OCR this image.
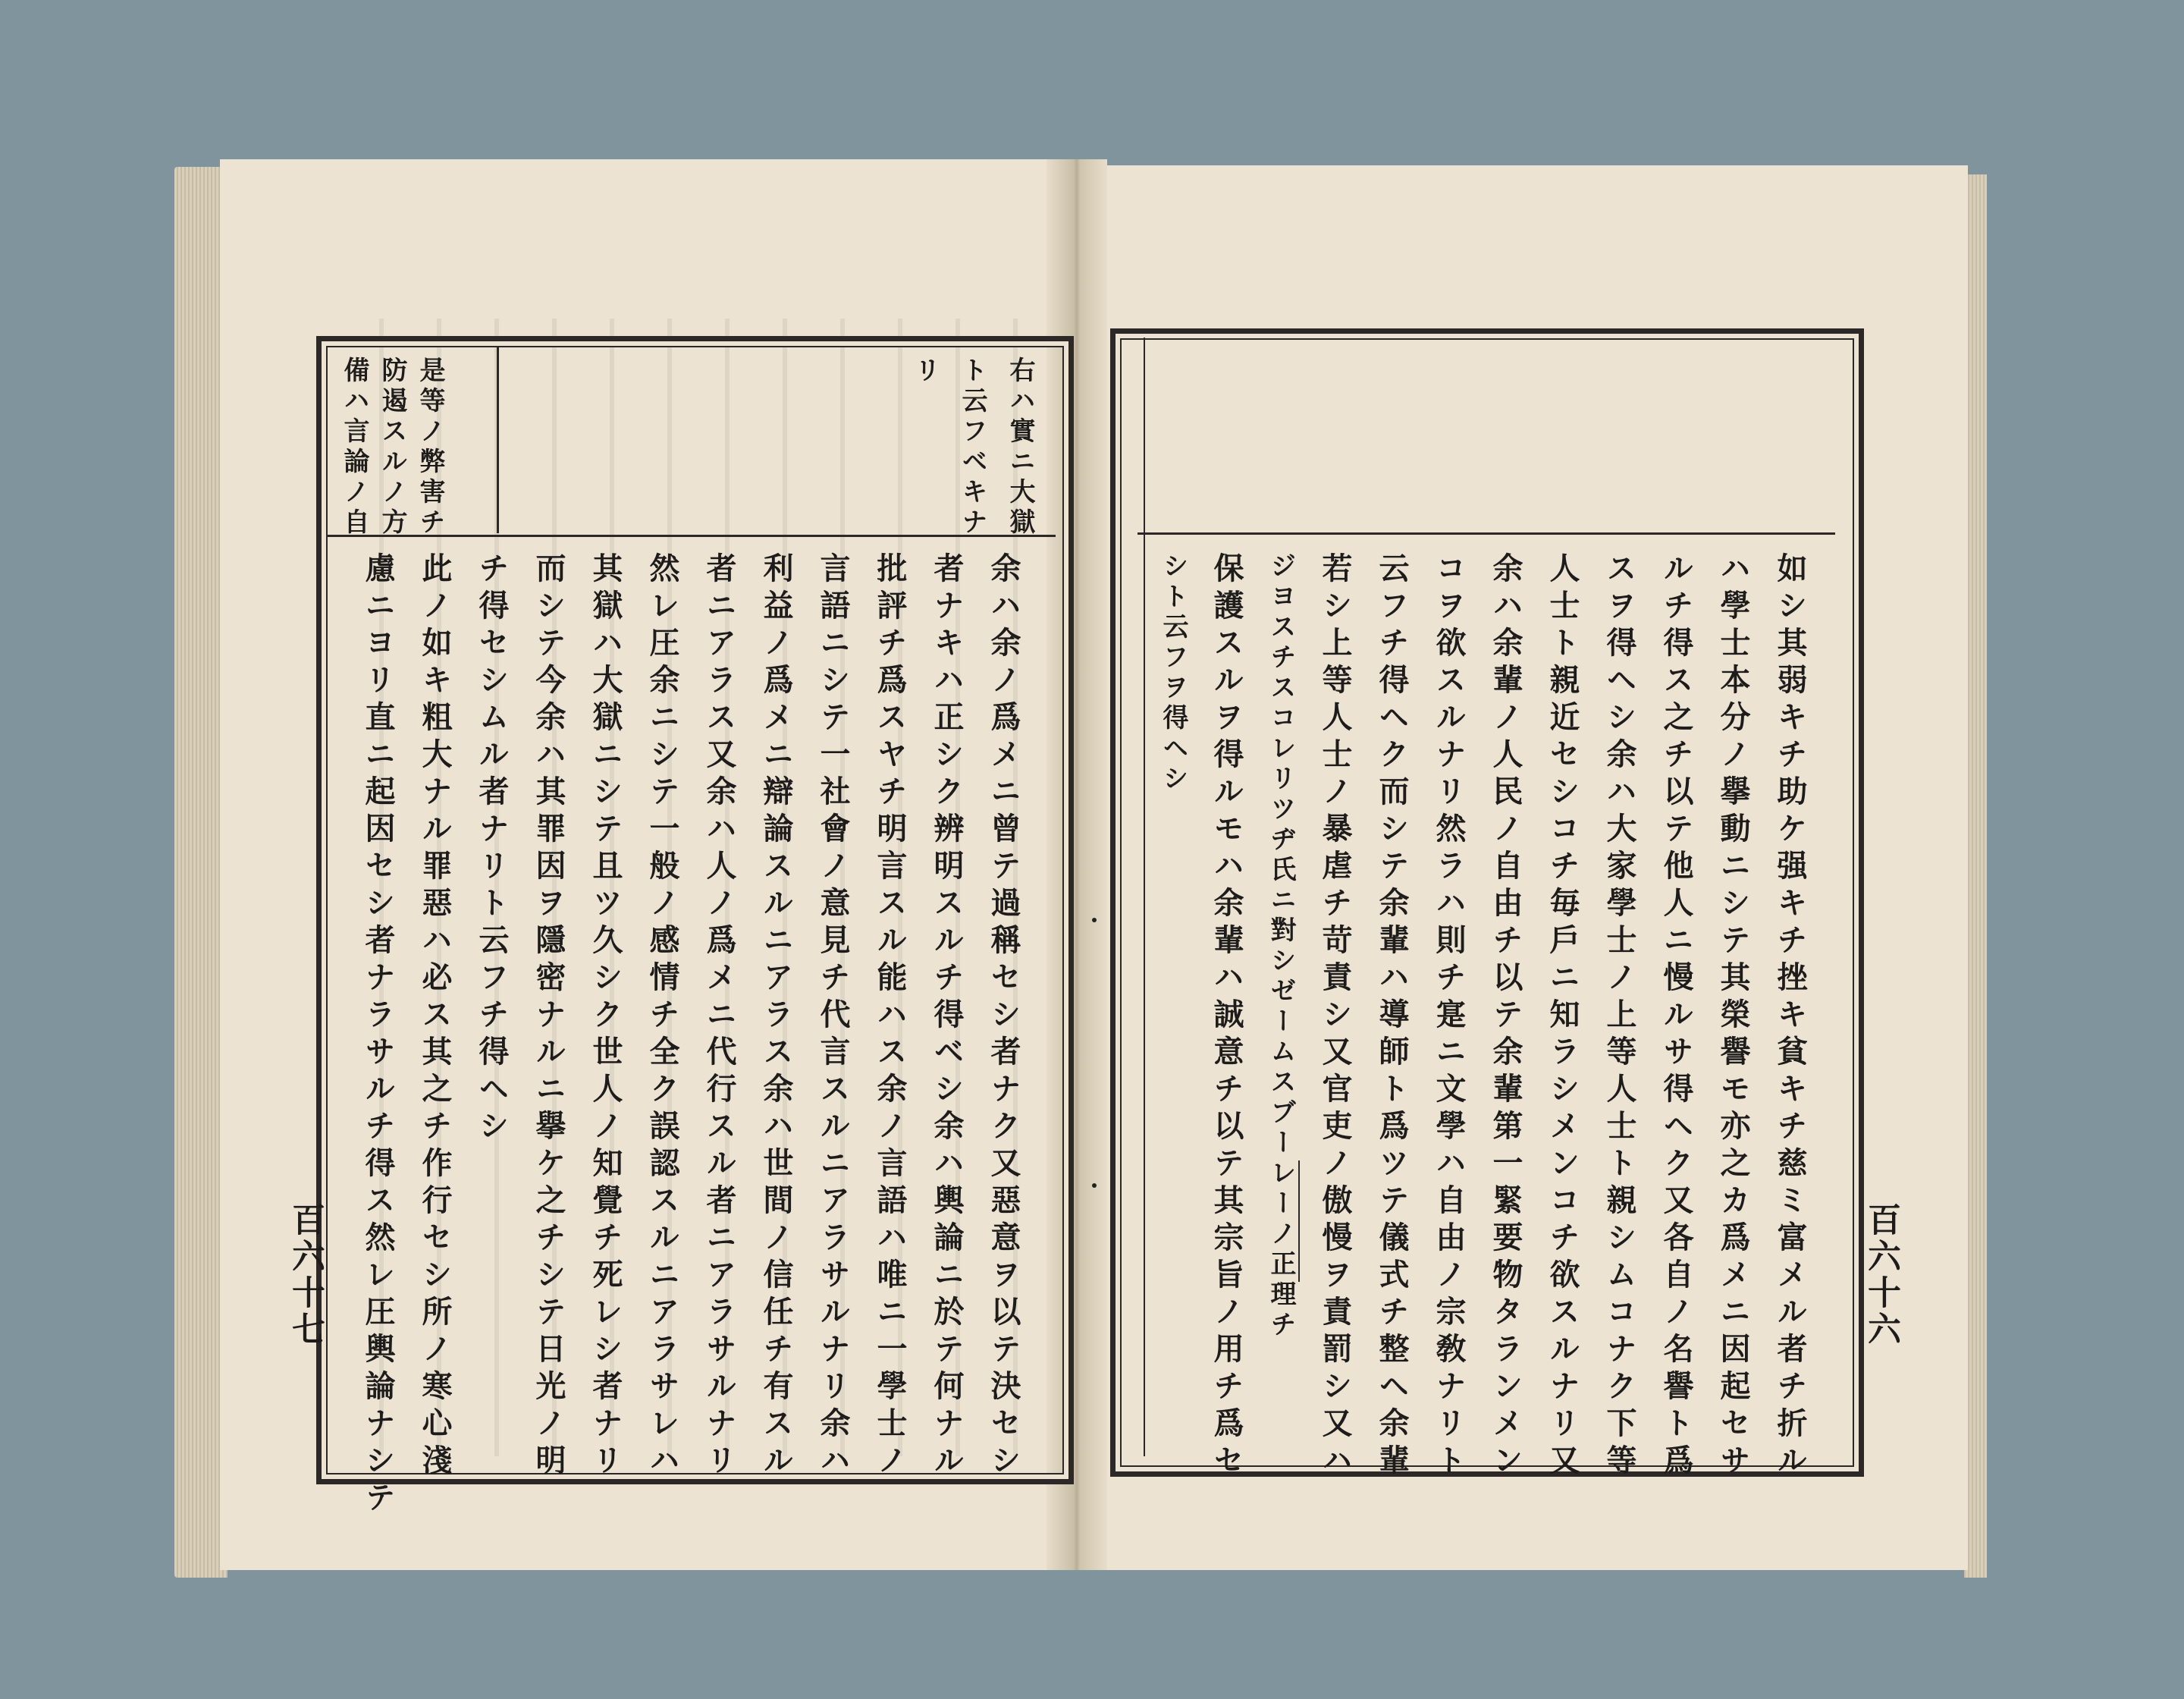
右ハ實ニ大獄
ト云フベキナ
リ
是等ノ弊害チ
防遏スルノ方
備ハ言論ノ自
余ハ余ノ爲メニ曾テ過稱セシ者ナク又惡意ヲ以テ決セシ
者ナキハ正シク辨明スルチ得ベシ余ハ輿論ニ於テ何ナル
批評チ爲スヤチ明言スル能ハス余ノ言語ハ唯ニ一學士ノ
言語ニシテ一社會ノ意見チ代言スルニアラサルナリ余ハ
利益ノ爲メニ辯論スルニアラス余ハ世間ノ信任チ有スル
者ニアラス又余ハ人ノ爲メニ代行スル者ニアラサルナリ
然レ圧余ニシテ一般ノ感情チ全ク誤認スルニアラサレハ
其獄ハ大獄ニシテ且ツ久シク世人ノ知覺チ死レシ者ナリ
而シテ今余ハ其罪因ヲ隱密ナルニ擧ケ之チシテ日光ノ明
チ得セシムル者ナリト云フチ得ヘシ
此ノ如キ粗大ナル罪惡ハ必ス其之チ作行セシ所ノ寒心淺
慮ニヨリ直ニ起因セシ者ナラサルチ得ス然レ圧輿論ナシテ
百六十七	如シ其弱キチ助ケ强キチ挫キ貧キチ慈ミ富メル者チ折ル
ハ學士本分ノ擧動ニシテ其榮譽モ亦之カ爲メニ因起セサ
ルチ得ス之チ以テ他人ニ慢ルサ得ヘク又各自ノ名譽ト爲
スヲ得ヘシ余ハ大家學士ノ上等人士ト親シムコナク下等
人士ト親近セシコチ毎戶ニ知ラシメンコチ欲スルナリ又
余ハ余輩ノ人民ノ自由チ以テ余輩第一緊要物タランメン
コヲ欲スルナリ然ラハ則チ寔ニ文學ハ自由ノ宗敎ナリト
云フチ得ヘク而シテ余輩ハ導師ト爲ツテ儀式チ整ヘ余輩
若シ上等人士ノ暴虐チ苛責シ又官吏ノ傲慢ヲ責罰シ又ハ
ジヨスチスコレリツヂ氏ニ對シゼームスブーレーノ正理チ
保護スルヲ得ルモハ余輩ハ誠意チ以テ其宗旨ノ用チ爲セ
シト云フヲ得ヘシ
百六十六
